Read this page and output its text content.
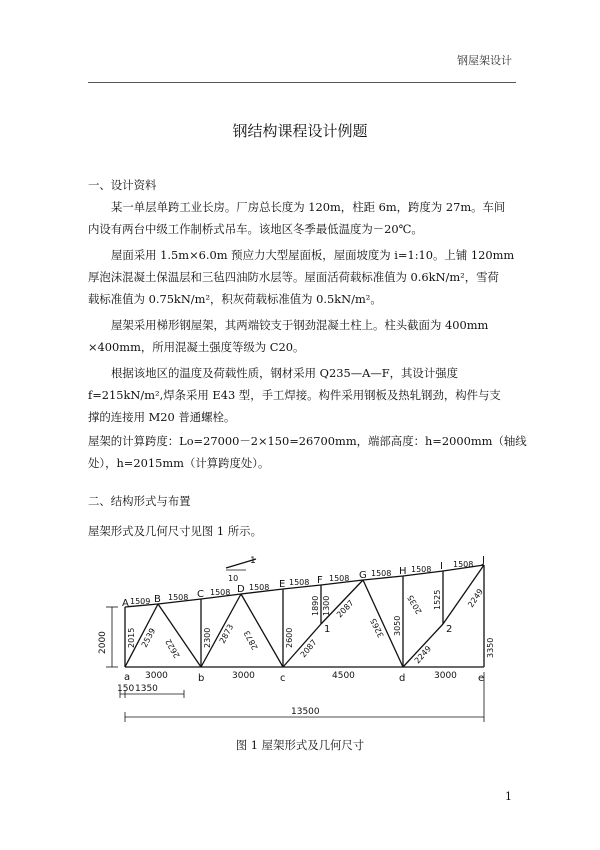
钢屋架设计
钢结构课程设计例题
一、设计资料
某一单层单跨工业长房。厂房总长度为 120m，柱距 6m，跨度为 27m。车间
内设有两台中级工作制桥式吊车。该地区冬季最低温度为－20℃。
屋面采用 1.5m×6.0m 预应力大型屋面板，屋面坡度为 i=1:10。上铺 120mm
厚泡沫混凝土保温层和三毡四油防水层等。屋面活荷载标准值为 0.6kN/m²，雪荷
载标准值为 0.75kN/m²，积灰荷载标准值为 0.5kN/m²。
屋架采用梯形钢屋架，其两端铰支于钢劲混凝土柱上。柱头截面为 400mm
×400mm，所用混凝土强度等级为 C20。
根据该地区的温度及荷载性质，钢材采用 Q235—A—F，其设计强度
f=215kN/m²,焊条采用 E43 型，手工焊接。构件采用钢板及热轧钢劲，构件与支
撑的连接用 M20 普通螺栓。
屋架的计算跨度：Lo=27000－2×150=26700mm，端部高度：h=2000mm（轴线
处），h=2015mm（计算跨度处）。
二、结构形式与布置
屋架形式及几何尺寸见图 1 所示。
1
10
A	B	C	D	E	F	G	H	I
J
a	b	c	d	e
1	2
1509 1508
1508
1508
1508 1508
1508 1508
1508
2015	2300	2600
1890 1300
3050
1525
3350
2539 2622
2873 2873	2087
2087
3265
2035
2249
2249
2000
3000	3000	4500	3000
150 1350
13500
图 1 屋架形式及几何尺寸
1
